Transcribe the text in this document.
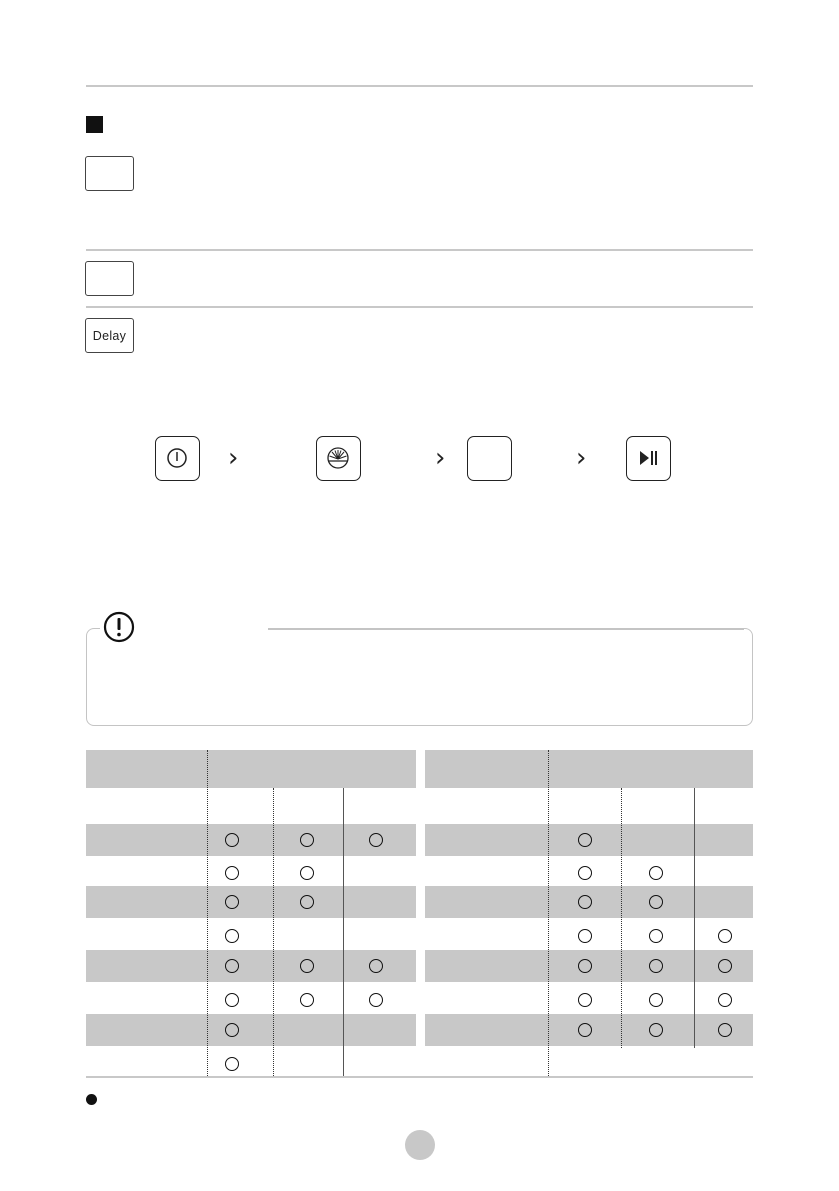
Delay
›	›	›
